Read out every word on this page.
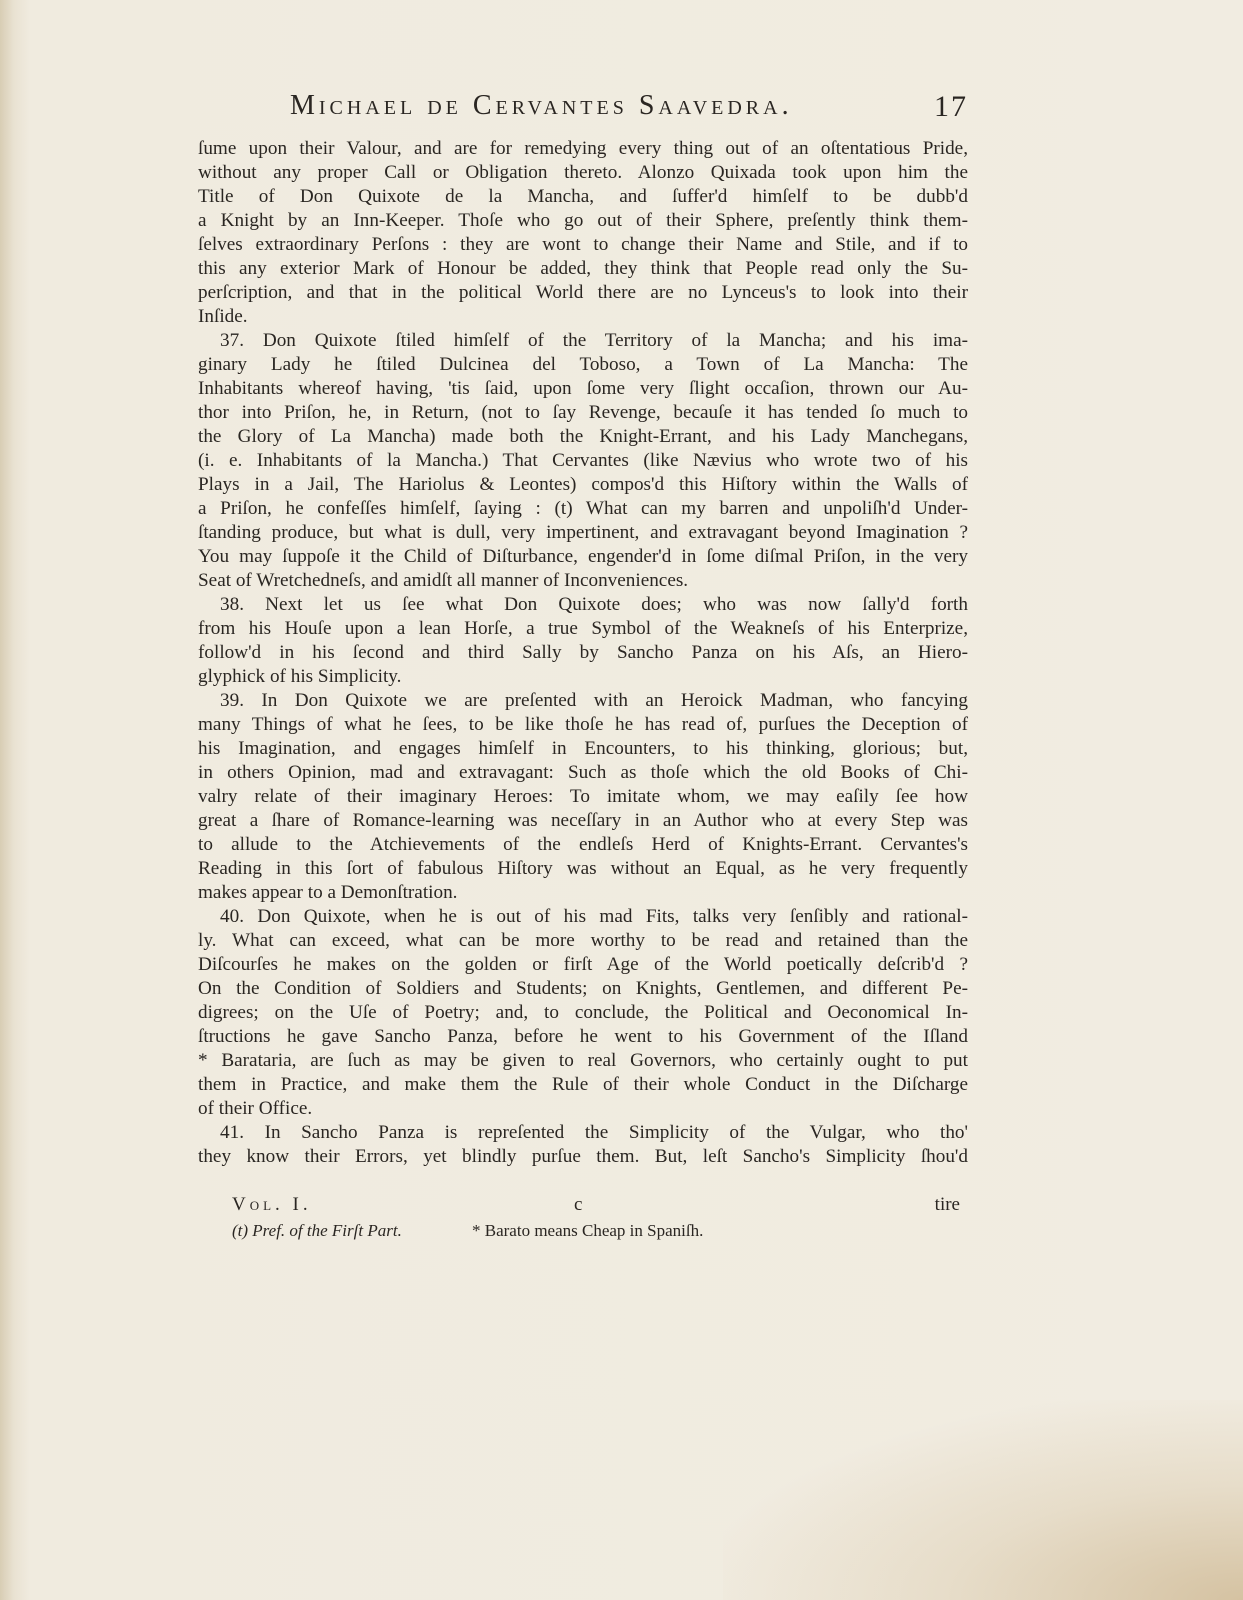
Michael de Cervantes Saavedra.	17
ſume upon their Valour, and are for remedying every thing out of an oſtentatious Pride,
without any proper Call or Obligation thereto. Alonzo Quixada took upon him the
Title of Don Quixote de la Mancha, and ſuffer'd himſelf to be dubb'd
a Knight by an Inn-Keeper. Thoſe who go out of their Sphere, preſently think them-
ſelves extraordinary Perſons : they are wont to change their Name and Stile, and if to
this any exterior Mark of Honour be added, they think that People read only the Su-
perſcription, and that in the political World there are no Lynceus's to look into their
Inſide.
37. Don Quixote ſtiled himſelf of the Territory of la Mancha; and his ima-
ginary Lady he ſtiled Dulcinea del Toboso, a Town of La Mancha: The
Inhabitants whereof having, 'tis ſaid, upon ſome very ſlight occaſion, thrown our Au-
thor into Priſon, he, in Return, (not to ſay Revenge, becauſe it has tended ſo much to
the Glory of La Mancha) made both the Knight-Errant, and his Lady Manchegans,
(i. e. Inhabitants of la Mancha.) That Cervantes (like Nævius who wrote two of his
Plays in a Jail, The Hariolus & Leontes) compos'd this Hiſtory within the Walls of
a Priſon, he confeſſes himſelf, ſaying : (t) What can my barren and unpoliſh'd Under-
ſtanding produce, but what is dull, very impertinent, and extravagant beyond Imagination ?
You may ſuppoſe it the Child of Diſturbance, engender'd in ſome diſmal Priſon, in the very
Seat of Wretchedneſs, and amidſt all manner of Inconveniences.
38. Next let us ſee what Don Quixote does; who was now ſally'd forth
from his Houſe upon a lean Horſe, a true Symbol of the Weakneſs of his Enterprize,
follow'd in his ſecond and third Sally by Sancho Panza on his Aſs, an Hiero-
glyphick of his Simplicity.
39. In Don Quixote we are preſented with an Heroick Madman, who fancying
many Things of what he ſees, to be like thoſe he has read of, purſues the Deception of
his Imagination, and engages himſelf in Encounters, to his thinking, glorious; but,
in others Opinion, mad and extravagant: Such as thoſe which the old Books of Chi-
valry relate of their imaginary Heroes: To imitate whom, we may eaſily ſee how
great a ſhare of Romance-learning was neceſſary in an Author who at every Step was
to allude to the Atchievements of the endleſs Herd of Knights-Errant. Cervantes's
Reading in this ſort of fabulous Hiſtory was without an Equal, as he very frequently
makes appear to a Demonſtration.
40. Don Quixote, when he is out of his mad Fits, talks very ſenſibly and rational-
ly. What can exceed, what can be more worthy to be read and retained than the
Diſcourſes he makes on the golden or firſt Age of the World poetically deſcrib'd ?
On the Condition of Soldiers and Students; on Knights, Gentlemen, and different Pe-
digrees; on the Uſe of Poetry; and, to conclude, the Political and Oeconomical In-
ſtructions he gave Sancho Panza, before he went to his Government of the Iſland
* Barataria, are ſuch as may be given to real Governors, who certainly ought to put
them in Practice, and make them the Rule of their whole Conduct in the Diſcharge
of their Office.
41. In Sancho Panza is repreſented the Simplicity of the Vulgar, who tho'
they know their Errors, yet blindly purſue them. But, leſt Sancho's Simplicity ſhou'd
Vol. I.	c	tire
(t) Pref. of the Firſt Part.	* Barato means Cheap in Spaniſh.
